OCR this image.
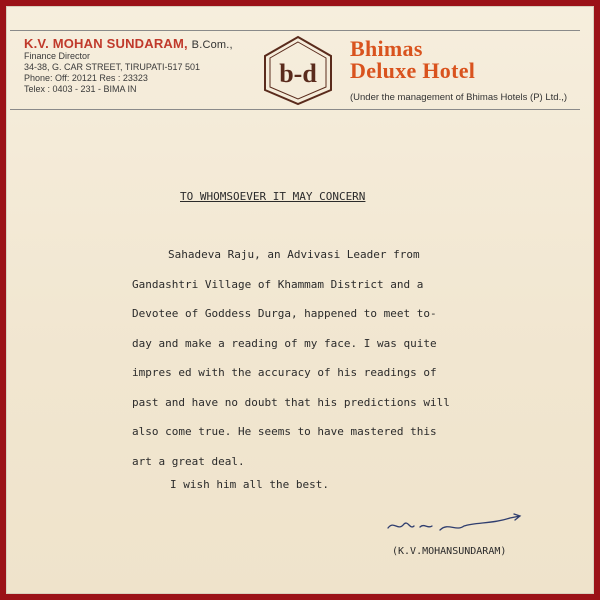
K.V. MOHAN SUNDARAM, B.Com.,
Finance Director
34-38, G. CAR STREET, TIRUPATI-517 501
Phone: Off: 20121 Res : 23323
Telex : 0403 - 231 - BIMA IN
b-d
Bhimas
Deluxe Hotel
(Under the management of Bhimas Hotels (P) Ltd.,)
TO WHOMSOEVER IT MAY CONCERN
Sahadeva Raju, an Advivasi Leader from
Gandashtri Village of Khammam District and a
Devotee of Goddess Durga, happened to meet to-
day and make a reading of my face. I was quite
impres ed with the accuracy of his readings of
past and have no doubt that his predictions will
also come true. He seems to have mastered this
art a great deal.
I wish him all the best.
(K.V.MOHANSUNDARAM)
